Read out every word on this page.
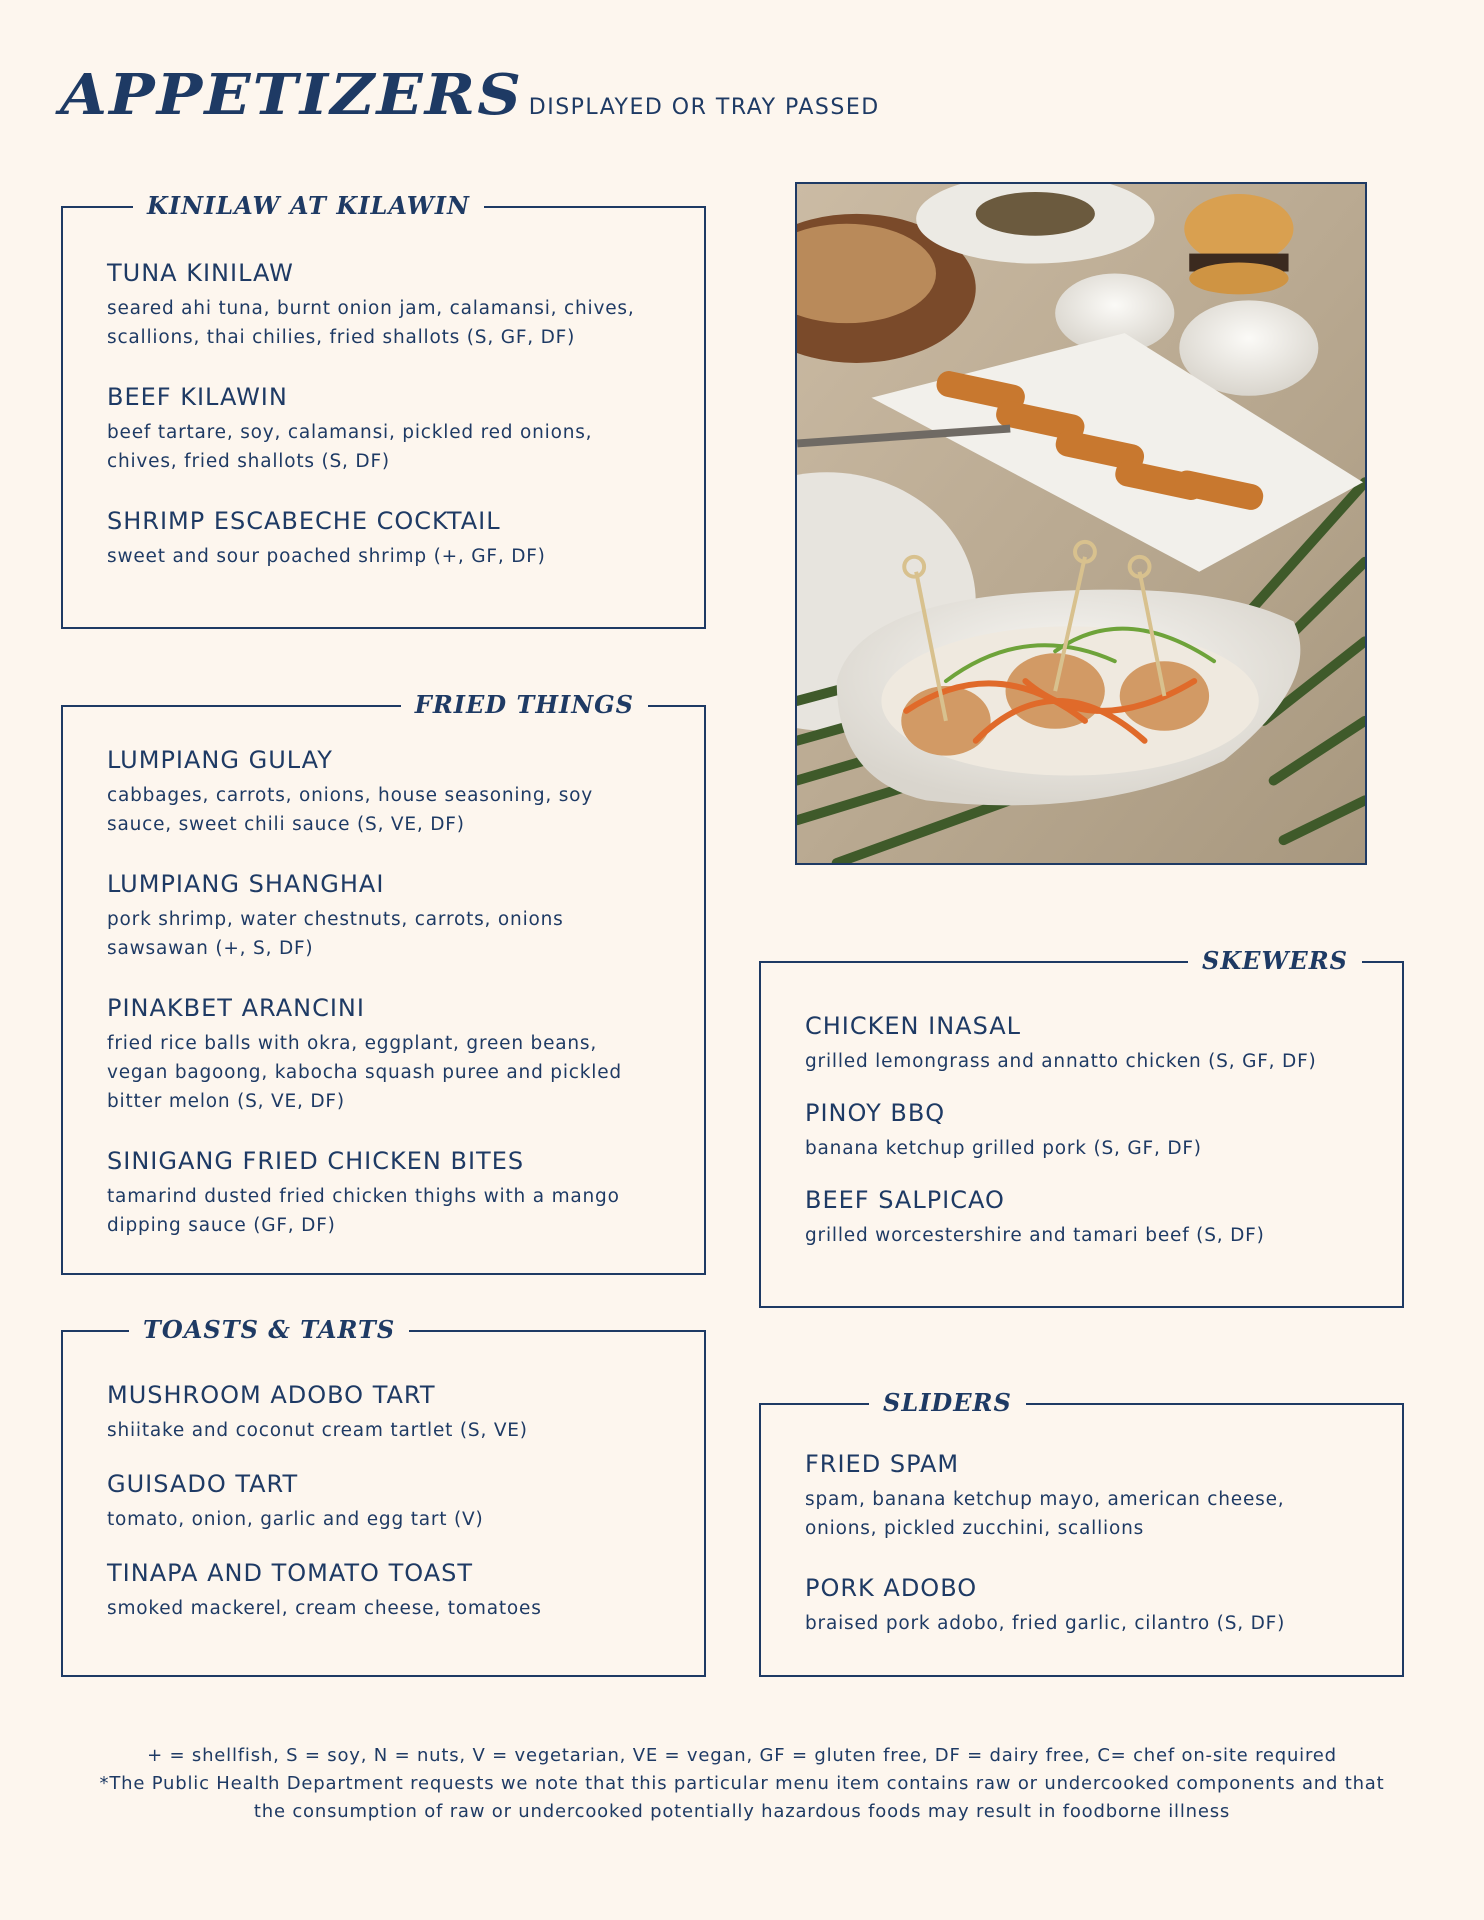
APPETIZERS DISPLAYED OR TRAY PASSED
KINILAW AT KILAWIN
TUNA KINILAW
seared ahi tuna, burnt onion jam, calamansi, chives,
scallions, thai chilies, fried shallots (S, GF, DF)
BEEF KILAWIN
beef tartare, soy, calamansi, pickled red onions,
chives, fried shallots (S, DF)
SHRIMP ESCABECHE COCKTAIL
sweet and sour poached shrimp (+, GF, DF)
FRIED THINGS
LUMPIANG GULAY
cabbages, carrots, onions, house seasoning, soy
sauce, sweet chili sauce (S, VE, DF)
LUMPIANG SHANGHAI
pork shrimp, water chestnuts, carrots, onions
sawsawan (+, S, DF)
PINAKBET ARANCINI
fried rice balls with okra, eggplant, green beans,
vegan bagoong, kabocha squash puree and pickled
bitter melon (S, VE, DF)
SINIGANG FRIED CHICKEN BITES
tamarind dusted fried chicken thighs with a mango
dipping sauce (GF, DF)
TOASTS & TARTS
MUSHROOM ADOBO TART
shiitake and coconut cream tartlet (S, VE)
GUISADO TART
tomato, onion, garlic and egg tart (V)
TINAPA AND TOMATO TOAST
smoked mackerel, cream cheese, tomatoes
SKEWERS
CHICKEN INASAL
grilled lemongrass and annatto chicken (S, GF, DF)
PINOY BBQ
banana ketchup grilled pork (S, GF, DF)
BEEF SALPICAO
grilled worcestershire and tamari beef (S, DF)
SLIDERS
FRIED SPAM
spam, banana ketchup mayo, american cheese,
onions, pickled zucchini, scallions
PORK ADOBO
braised pork adobo, fried garlic, cilantro (S, DF)
+ = shellfish, S = soy, N = nuts, V = vegetarian, VE = vegan, GF = gluten free, DF = dairy free, C= chef on-site required
*The Public Health Department requests we note that this particular menu item contains raw or undercooked components and that
the consumption of raw or undercooked potentially hazardous foods may result in foodborne illness
